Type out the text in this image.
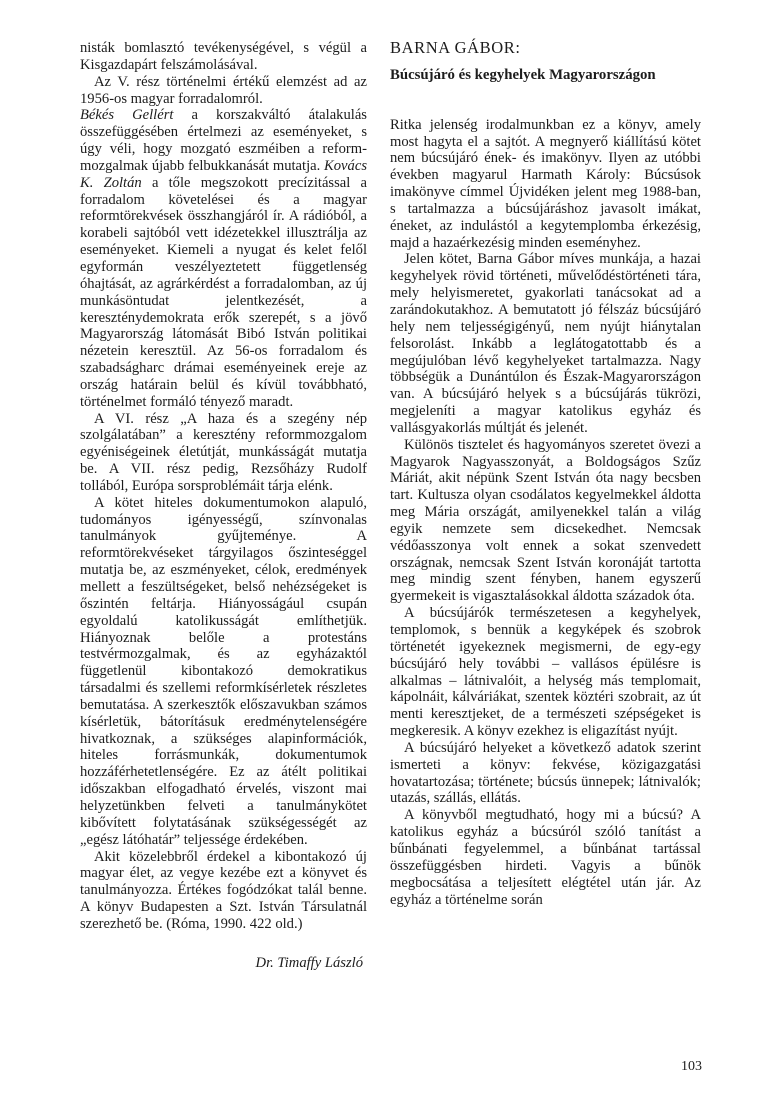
nisták bomlasztó tevékenységével, s végül a Kisgazdapárt felszámolásával.

Az V. rész történelmi értékű elemzést ad az 1956-os magyar forradalomról.

Békés Gellért a korszakváltó átalakulás összefüggésében értelmezi az eseményeket, s úgy véli, hogy mozgató eszméiben a reform-mozgalmak újabb felbukkanását mutatja. Kovács K. Zoltán a tőle megszokott precízitással a forradalom követelései és a magyar reformtörekvések összhangjáról ír. A rádióból, a korabeli sajtóból vett idézetekkel illusztrálja az eseményeket. Kiemeli a nyugat és kelet felől egyformán veszélyeztetett függetlenség óhajtását, az agrárkérdést a forradalomban, az új munkásöntudat jelentkezését, a kereszténydemokrata erők szerepét, s a jövő Magyarország látomását Bibó István politikai nézetein keresztül. Az 56-os forradalom és szabadságharc drámai eseményeinek ereje az ország határain belül és kívül továbbható, történelmet formáló tényező maradt.

A VI. rész „A haza és a szegény nép szolgálatában” a keresztény reformmozgalom egyéniségeinek életútját, munkásságát mutatja be. A VII. rész pedig, Rezsőházy Rudolf tollából, Európa sorsproblémáit tárja elénk.

A kötet hiteles dokumentumokon alapuló, tudományos igényességű, színvonalas tanulmányok gyűjteménye. A reformtörekvéseket tárgyilagos őszinteséggel mutatja be, az eszményeket, célok, eredmények mellett a feszültségeket, belső nehézségeket is őszintén feltárja. Hiányosságául csupán egyoldalú katolikusságát említhetjük. Hiányoznak belőle a protestáns testvérmozgalmak, és az egyházaktól függetlenül kibontakozó demokratikus társadalmi és szellemi reformkísérletek részletes bemutatása. A szerkesztők előszavukban számos kísérletük, bátorításuk eredménytelenségére hivatkoznak, a szükséges alapinformációk, hiteles forrásmunkák, dokumentumok hozzáférhetetlenségére. Ez az átélt politikai időszakban elfogadható érvelés, viszont mai helyzetünkben felveti a tanulmánykötet kibővített folytatásának szükségességét az „egész látóhatár” teljessége érdekében.

Akit közelebbről érdekel a kibontakozó új magyar élet, az vegye kezébe ezt a könyvet és tanulmányozza. Értékes fogódzókat talál benne. A könyv Budapesten a Szt. István Társulatnál szerezhető be. (Róma, 1990. 422 old.)

Dr. Timaffy László
BARNA GÁBOR:
Búcsújáró és kegyhelyek Magyarországon

Ritka jelenség irodalmunkban ez a könyv, amely most hagyta el a sajtót. A megnyerő kiállítású kötet nem búcsújáró ének- és imakönyv. Ilyen az utóbbi években magyarul Harmath Károly: Búcsúsok imakönyve címmel Újvidéken jelent meg 1988-ban, s tartalmazza a búcsújáráshoz javasolt imákat, éneket, az indulástól a kegytemplomba érkezésig, majd a hazaérkezésig minden eseményhez.

Jelen kötet, Barna Gábor míves munkája, a hazai kegyhelyek rövid történeti, művelődéstörténeti tára, mely helyismeretet, gyakorlati tanácsokat ad a zarándokutakhoz. A bemutatott jó félszáz búcsújáró hely nem teljességigényű, nem nyújt hiánytalan felsorolást. Inkább a leglátogatottabb és a megújulóban lévő kegyhelyeket tartalmazza. Nagy többségük a Dunántúlon és Észak-Magyarországon van. A búcsújáró helyek s a búcsújárás tükrözi, megjeleníti a magyar katolikus egyház és vallásgyakorlás múltját és jelenét.

Különös tisztelet és hagyományos szeretet övezi a Magyarok Nagyasszonyát, a Boldogságos Szűz Máriát, akit népünk Szent István óta nagy becsben tart. Kultusza olyan csodálatos kegyelmekkel áldotta meg Mária országát, amilyenekkel talán a világ egyik nemzete sem dicsekedhet. Nemcsak védőasszonya volt ennek a sokat szenvedett országnak, nemcsak Szent István koronáját tartotta meg mindig szent fényben, hanem egyszerű gyermekeit is vigasztalásokkal áldotta századok óta.

A búcsújárók természetesen a kegyhelyek, templomok, s bennük a kegyképek és szobrok történetét igyekeznek megismerni, de egy-egy búcsújáró hely további – vallásos épülésre is alkalmas – látnivalóit, a helység más templomait, kápolnáit, kálváriákat, szentek köztéri szobrait, az út menti keresztjeket, de a természeti szépségeket is megkeresik. A könyv ezekhez is eligazítást nyújt.

A búcsújáró helyeket a következő adatok szerint ismerteti a könyv: fekvése, közigazgatási hovatartozása; története; búcsús ünnepek; látnivalók; utazás, szállás, ellátás.

A könyvből megtudható, hogy mi a búcsú? A katolikus egyház a búcsúról szóló tanítást a bűnbánati fegyelemmel, a bűnbánat tartással összefüggésben hirdeti. Vagyis a bűnök megbocsátása a teljesített elégtétel után jár. Az egyház a történelme során

103
